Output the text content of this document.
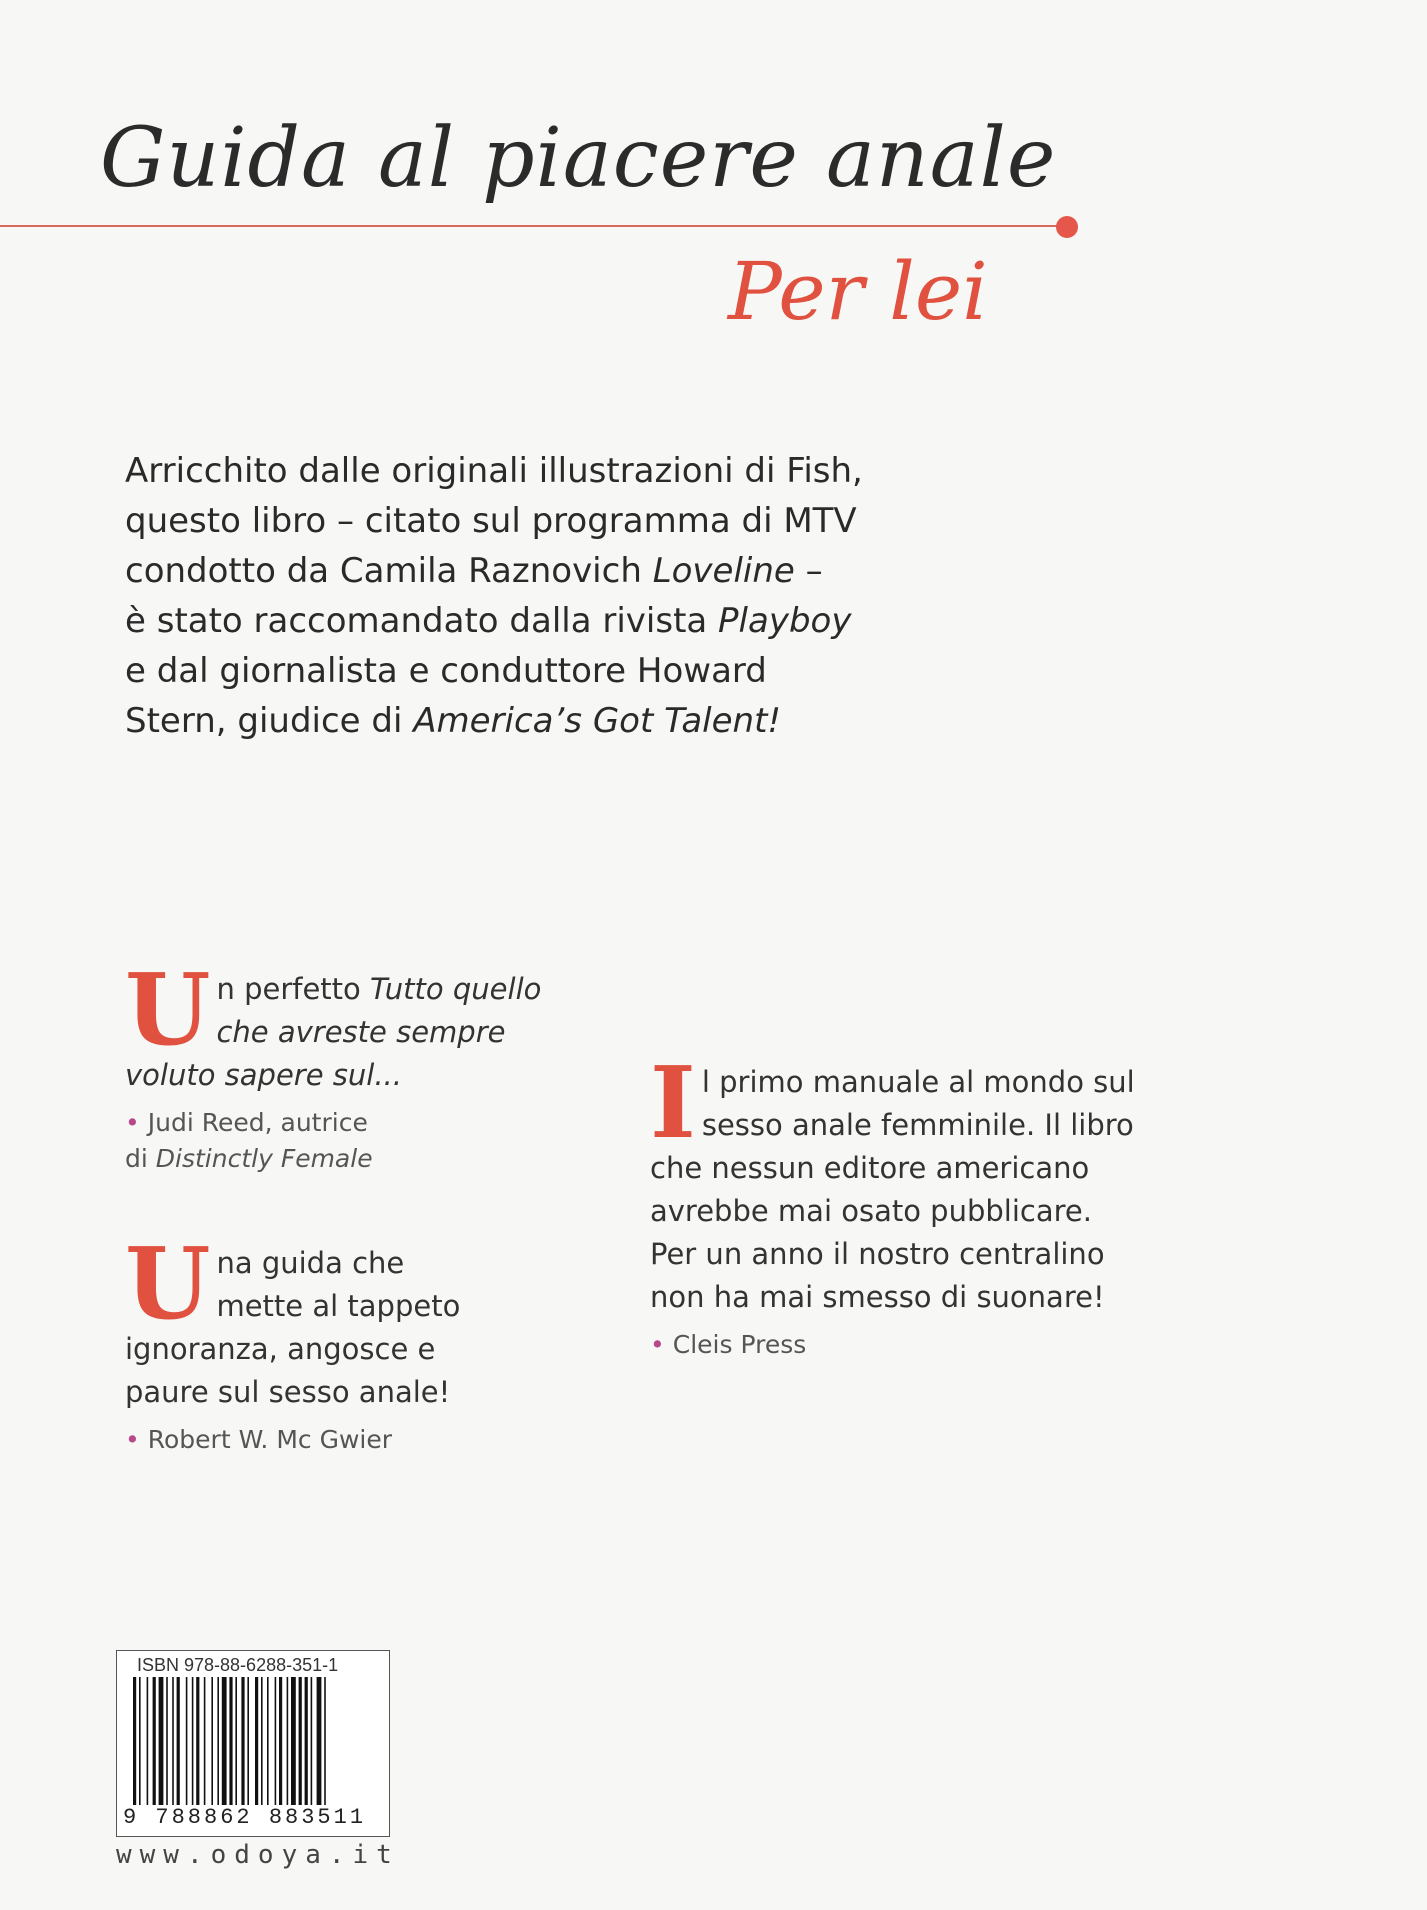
Guida al piacere anale
Per lei

Arricchito dalle originali illustrazioni di Fish,

questo libro – citato sul programma di MTV

condotto da Camila Raznovich Loveline –

è stato raccomandato dalla rivista Playboy

e dal giornalista e conduttore Howard

Stern, giudice di America’s Got Talent!

U n perfetto Tutto quello
che avreste sempre
voluto sapere sul...
• Judi Reed, autrice
di Distinctly Female
U na guida che
mette al tappeto
ignoranza, angosce e
paure sul sesso anale!
• Robert W. Mc Gwier
I l primo manuale al mondo sul
sesso anale femminile. Il libro
che nessun editore americano
avrebbe mai osato pubblicare.
Per un anno il nostro centralino
non ha mai smesso di suonare!
• Cleis Press
ISBN 978-88-6288-351-1
9 788862 883511
www.odoya.it
